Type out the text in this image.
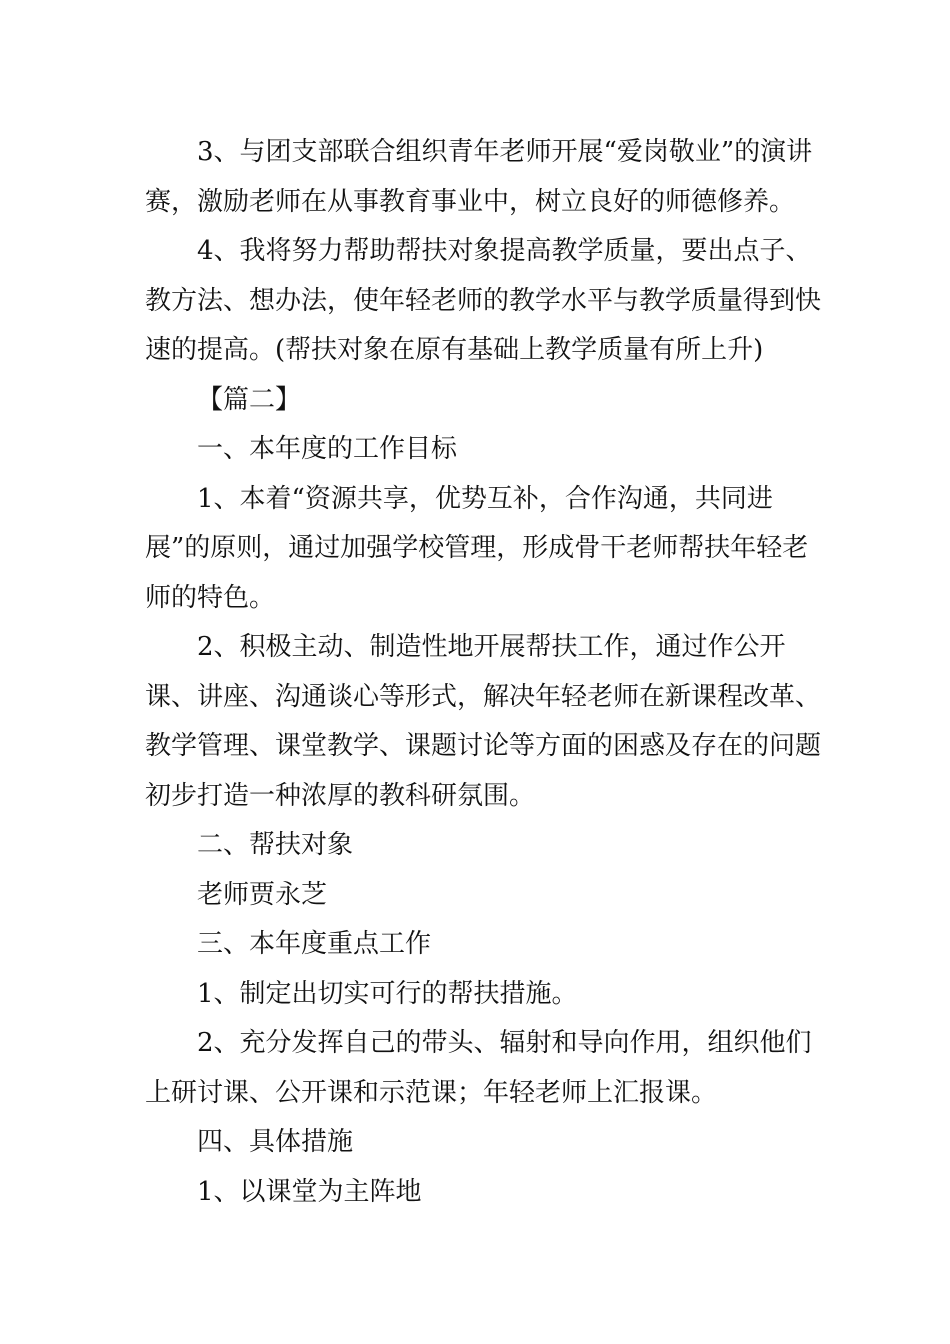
3、与团支部联合组织青年老师开展“爱岗敬业”的演讲赛，激励老师在从事教育事业中，树立良好的师德修养。

4、我将努力帮助帮扶对象提高教学质量，要出点子、教方法、想办法，使年轻老师的教学水平与教学质量得到快速的提高。(帮扶对象在原有基础上教学质量有所上升)

【篇二】

一、本年度的工作目标

1、本着“资源共享，优势互补，合作沟通，共同进展”的原则，通过加强学校管理，形成骨干老师帮扶年轻老师的特色。

2、积极主动、制造性地开展帮扶工作，通过作公开课、讲座、沟通谈心等形式，解决年轻老师在新课程改革、教学管理、课堂教学、课题讨论等方面的困惑及存在的问题初步打造一种浓厚的教科研氛围。

二、帮扶对象

老师贾永芝

三、本年度重点工作

1、制定出切实可行的帮扶措施。

2、充分发挥自己的带头、辐射和导向作用，组织他们上研讨课、公开课和示范课；年轻老师上汇报课。

四、具体措施

1、以课堂为主阵地
